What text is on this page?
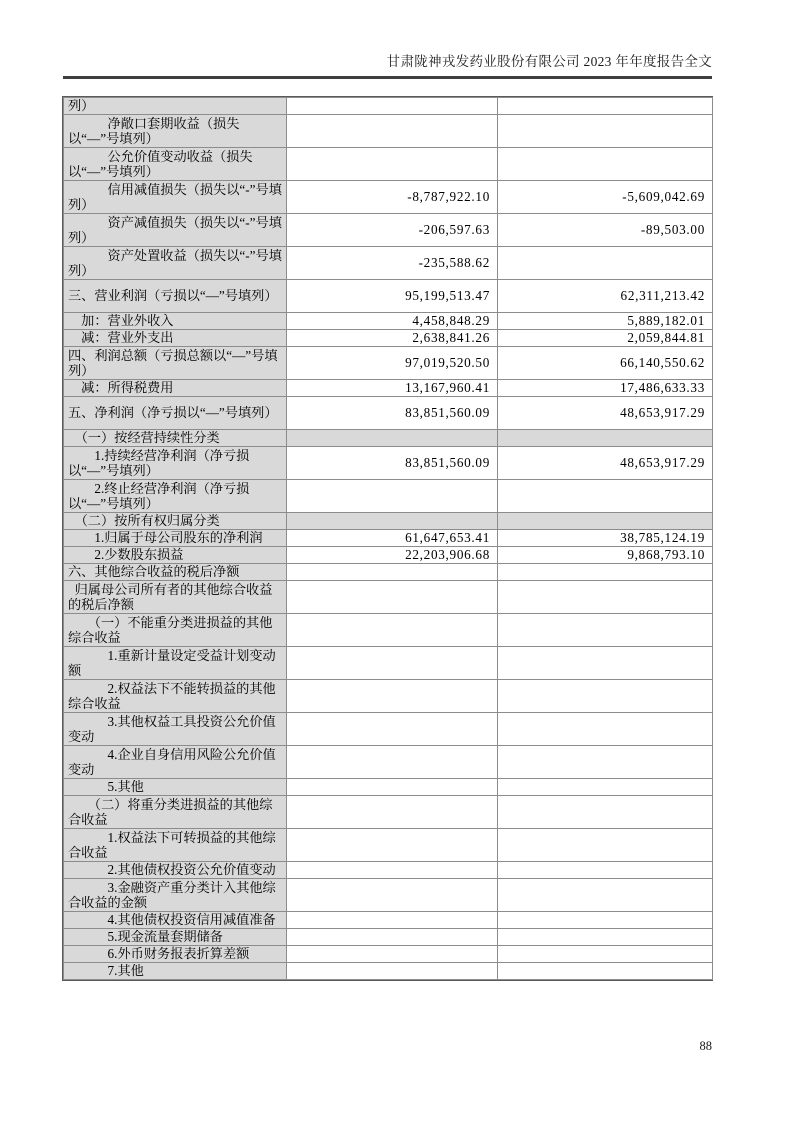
甘肃陇神戎发药业股份有限公司 2023 年年度报告全文
列）		
　　　净敞口套期收益（损失以“—”号填列）		
　　　公允价值变动收益（损失以“—”号填列）		
　　　信用减值损失（损失以“-”号填列）	-8,787,922.10	-5,609,042.69
　　　资产减值损失（损失以“-”号填列）	-206,597.63	-89,503.00
　　　资产处置收益（损失以“-”号填列）	-235,588.62	
三、营业利润（亏损以“—”号填列）	95,199,513.47	62,311,213.42
　加：营业外收入	4,458,848.29	5,889,182.01
　减：营业外支出	2,638,841.26	2,059,844.81
四、利润总额（亏损总额以“—”号填列）	97,019,520.50	66,140,550.62
　减：所得税费用	13,167,960.41	17,486,633.33
五、净利润（净亏损以“—”号填列）	83,851,560.09	48,653,917.29
　（一）按经营持续性分类		
　　1.持续经营净利润（净亏损以“—”号填列）	83,851,560.09	48,653,917.29
　　2.终止经营净利润（净亏损以“—”号填列）		
　（二）按所有权归属分类		
　　1.归属于母公司股东的净利润	61,647,653.41	38,785,124.19
　　2.少数股东损益	22,203,906.68	9,868,793.10
六、其他综合收益的税后净额		
 归属母公司所有者的其他综合收益的税后净额		
　　（一）不能重分类进损益的其他综合收益		
　　　1.重新计量设定受益计划变动额		
　　　2.权益法下不能转损益的其他综合收益		
　　　3.其他权益工具投资公允价值变动		
　　　4.企业自身信用风险公允价值变动		
　　　5.其他		
　　（二）将重分类进损益的其他综合收益		
　　　1.权益法下可转损益的其他综合收益		
　　　2.其他债权投资公允价值变动		
　　　3.金融资产重分类计入其他综合收益的金额		
　　　4.其他债权投资信用减值准备		
　　　5.现金流量套期储备		
　　　6.外币财务报表折算差额		
　　　7.其他		
88
